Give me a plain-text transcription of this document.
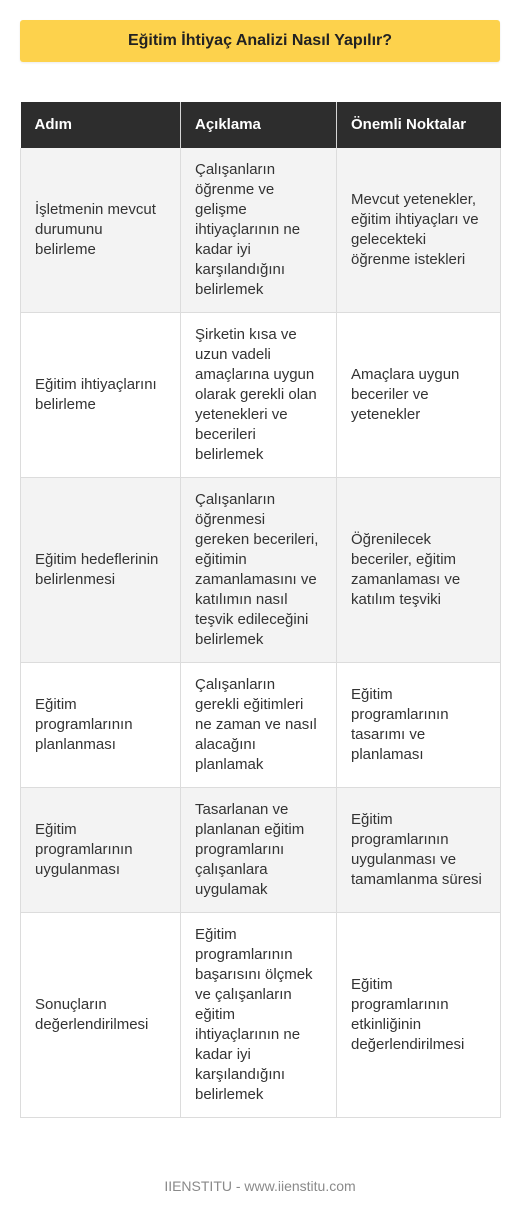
Eğitim İhtiyaç Analizi Nasıl Yapılır?
Adım	Açıklama	Önemli Noktalar
İşletmenin mevcut durumunu belirleme	Çalışanların öğrenme ve gelişme ihtiyaçlarının ne kadar iyi karşılandığını belirlemek	Mevcut yetenekler, eğitim ihtiyaçları ve gelecekteki öğrenme istekleri
Eğitim ihtiyaçlarını belirleme	Şirketin kısa ve uzun vadeli amaçlarına uygun olarak gerekli olan yetenekleri ve becerileri belirlemek	Amaçlara uygun beceriler ve yetenekler
Eğitim hedeflerinin belirlenmesi	Çalışanların öğrenmesi gereken becerileri, eğitimin zamanlamasını ve katılımın nasıl teşvik edileceğini belirlemek	Öğrenilecek beceriler, eğitim zamanlaması ve katılım teşviki
Eğitim programlarının planlanması	Çalışanların gerekli eğitimleri ne zaman ve nasıl alacağını planlamak	Eğitim programlarının tasarımı ve planlaması
Eğitim programlarının uygulanması	Tasarlanan ve planlanan eğitim programlarını çalışanlara uygulamak	Eğitim programlarının uygulanması ve tamamlanma süresi
Sonuçların değerlendirilmesi	Eğitim programlarının başarısını ölçmek ve çalışanların eğitim ihtiyaçlarının ne kadar iyi karşılandığını belirlemek	Eğitim programlarının etkinliğinin değerlendirilmesi
IIENSTITU - www.iienstitu.com
